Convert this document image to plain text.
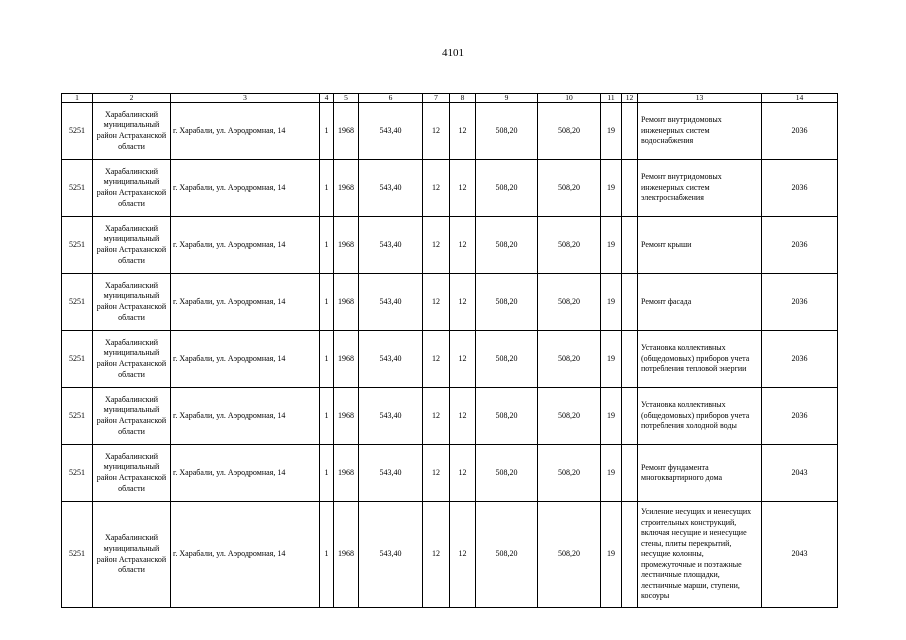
4101
1	2	3	4	5	6	7	8	9	10	11	12	13	14
5251	Харабалинский муниципальный район Астраханской области	г. Харабали, ул. Аэродромная, 14	1	1968	543,40	12	12	508,20	508,20	19		Ремонт внутридомовых инженерных систем водоснабжения	2036
5251	Харабалинский муниципальный район Астраханской области	г. Харабали, ул. Аэродромная, 14	1	1968	543,40	12	12	508,20	508,20	19		Ремонт внутридомовых инженерных систем электроснабжения	2036
5251	Харабалинский муниципальный район Астраханской области	г. Харабали, ул. Аэродромная, 14	1	1968	543,40	12	12	508,20	508,20	19		Ремонт крыши	2036
5251	Харабалинский муниципальный район Астраханской области	г. Харабали, ул. Аэродромная, 14	1	1968	543,40	12	12	508,20	508,20	19		Ремонт фасада	2036
5251	Харабалинский муниципальный район Астраханской области	г. Харабали, ул. Аэродромная, 14	1	1968	543,40	12	12	508,20	508,20	19		Установка коллективных (общедомовых) приборов учета потребления тепловой энергии	2036
5251	Харабалинский муниципальный район Астраханской области	г. Харабали, ул. Аэродромная, 14	1	1968	543,40	12	12	508,20	508,20	19		Установка коллективных (общедомовых) приборов учета потребления холодной воды	2036
5251	Харабалинский муниципальный район Астраханской области	г. Харабали, ул. Аэродромная, 14	1	1968	543,40	12	12	508,20	508,20	19		Ремонт фундамента многоквартирного дома	2043
5251	Харабалинский муниципальный район Астраханской области	г. Харабали, ул. Аэродромная, 14	1	1968	543,40	12	12	508,20	508,20	19		Усиление несущих и ненесущих строительных конструкций, включая несущие и ненесущие стены, плиты перекрытий, несущие колонны, промежуточные и поэтажные лестничные площадки, лестничные марши, ступени, косоуры	2043
